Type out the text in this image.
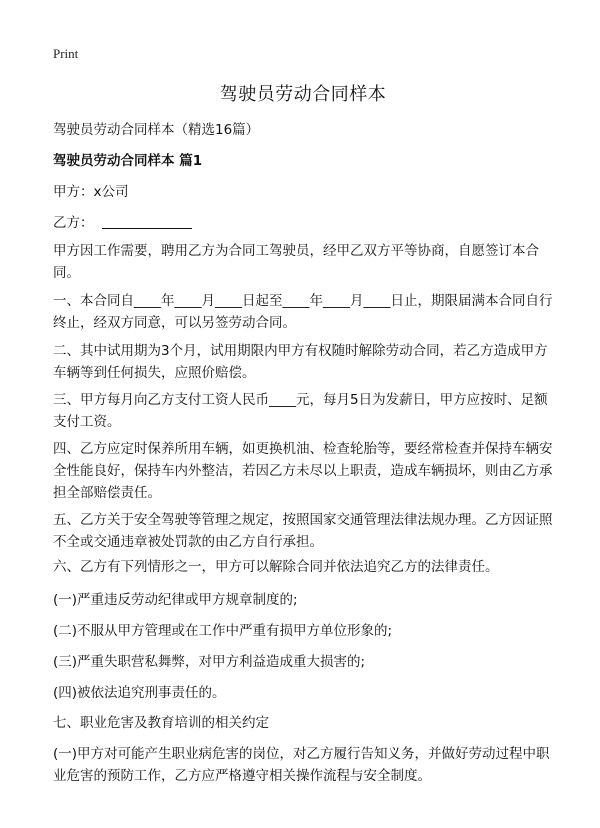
Print
驾驶员劳动合同样本

驾驶员劳动合同样本（精选16篇）

驾驶员劳动合同样本 篇1

甲方：x公司

乙方：

甲方因工作需要，聘用乙方为合同工驾驶员，经甲乙双方平等协商，自愿签订本合同。

一、本合同自____年____月____日起至____年____月____日止，期限届满本合同自行终止，经双方同意，可以另签劳动合同。

二、其中试用期为3个月，试用期限内甲方有权随时解除劳动合同，若乙方造成甲方车辆等到任何损失，应照价赔偿。

三、甲方每月向乙方支付工资人民币____元，每月5日为发薪日，甲方应按时、足额支付工资。

四、乙方应定时保养所用车辆，如更换机油、检查轮胎等，要经常检查并保持车辆安全性能良好，保持车内外整洁，若因乙方未尽以上职责，造成车辆损坏，则由乙方承担全部赔偿责任。

五、乙方关于安全驾驶等管理之规定，按照国家交通管理法律法规办理。乙方因证照不全或交通违章被处罚款的由乙方自行承担。

六、乙方有下列情形之一，甲方可以解除合同并依法追究乙方的法律责任。

(一)严重违反劳动纪律或甲方规章制度的;

(二)不服从甲方管理或在工作中严重有损甲方单位形象的;

(三)严重失职营私舞弊，对甲方利益造成重大损害的;

(四)被依法追究刑事责任的。

七、职业危害及教育培训的相关约定

(一)甲方对可能产生职业病危害的岗位，对乙方履行告知义务，并做好劳动过程中职业危害的预防工作，乙方应严格遵守相关操作流程与安全制度。
